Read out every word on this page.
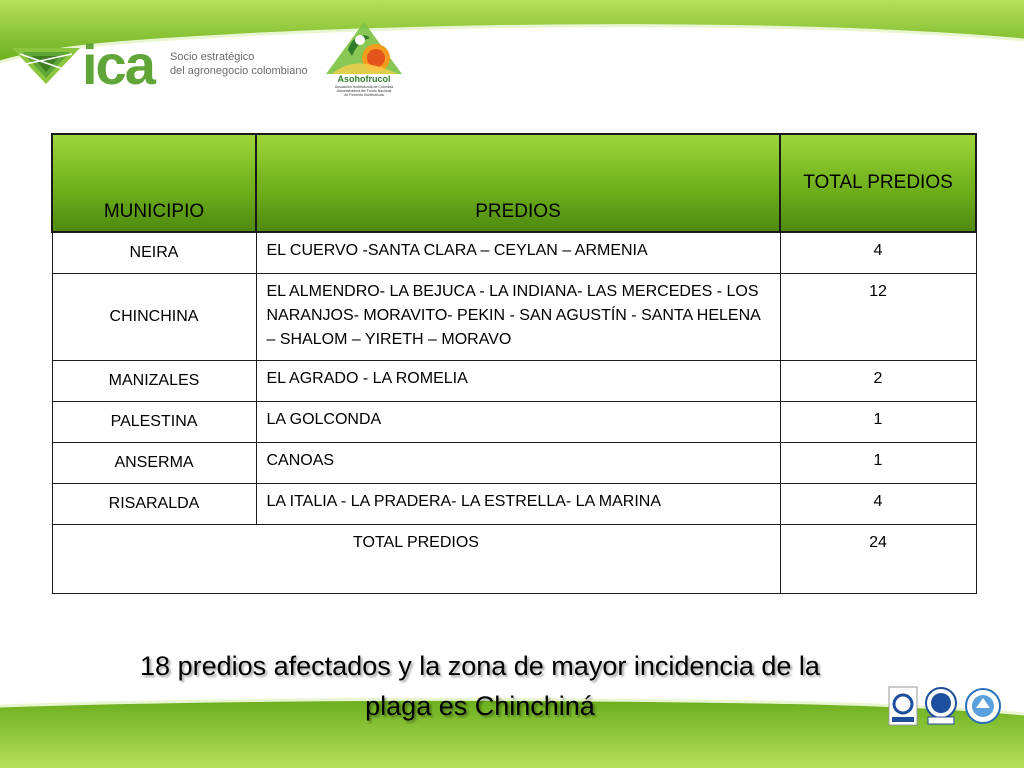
ica Socio estratégico
del agronegocio colombiano
Asohofrucol
Asociación Hortifrutícola de Colombia
Administradora del Fondo Nacional
de Fomento Hortifrutícola
MUNICIPIO	PREDIOS	TOTAL PREDIOS
NEIRA	EL CUERVO -SANTA CLARA – CEYLAN – ARMENIA	4
CHINCHINA	EL ALMENDRO- LA BEJUCA - LA INDIANA- LAS MERCEDES - LOS NARANJOS- MORAVITO- PEKIN - SAN AGUSTÍN - SANTA HELENA – SHALOM – YIRETH – MORAVO	12
MANIZALES	EL AGRADO - LA ROMELIA	2
PALESTINA	LA GOLCONDA	1
ANSERMA	CANOAS	1
RISARALDA	LA ITALIA - LA PRADERA- LA ESTRELLA- LA MARINA	4
TOTAL PREDIOS		24
18 predios afectados y la zona de mayor incidencia de la
plaga es Chinchiná
